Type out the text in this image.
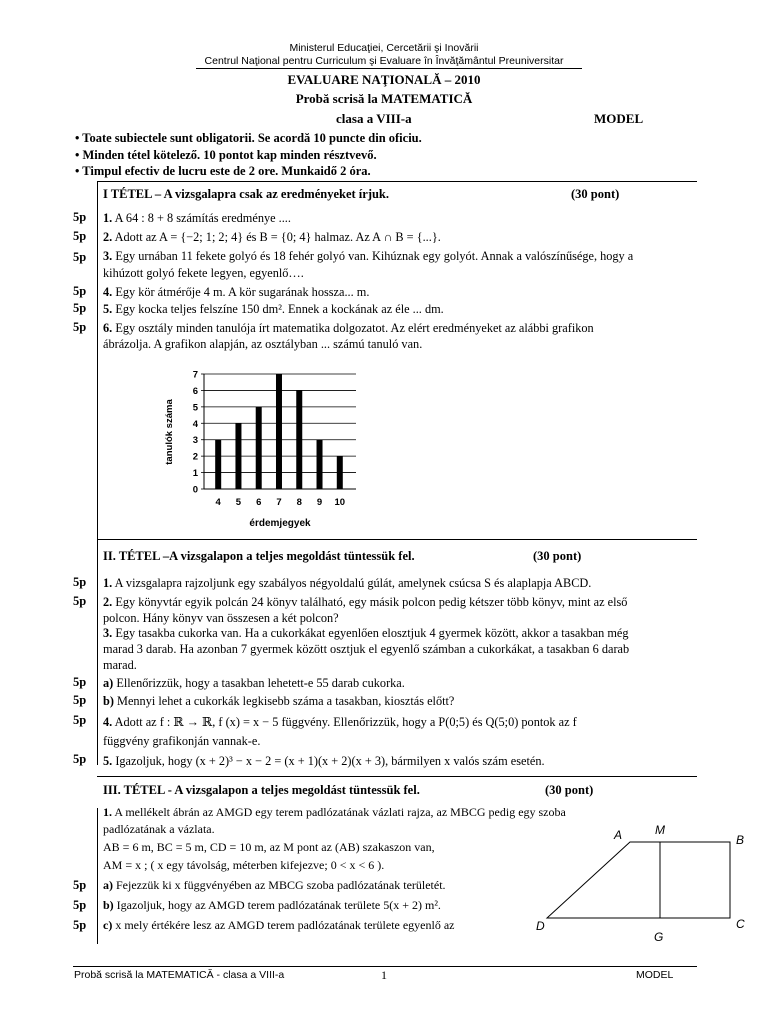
Ministerul Educaţiei, Cercetării şi Inovării
Centrul Naţional pentru Curriculum şi Evaluare în Învăţământul Preuniversitar
EVALUARE NAŢIONALĂ – 2010
Probă scrisă la MATEMATICĂ
clasa a VIII-a	MODEL
• Toate subiectele sunt obligatorii. Se acordă 10 puncte din oficiu.
• Minden tétel kötelező. 10 pontot kap minden résztvevő.
• Timpul efectiv de lucru este de 2 ore. Munkaidő 2 óra.
I TÉTEL – A vizsgalapra csak az eredményeket írjuk.	(30 pont)
5p 1. A 64 : 8 + 8 számítás eredménye ....
5p 2. Adott az A = {−2; 1; 2; 4} és B = {0; 4} halmaz. Az A ∩ B = {...}.
5p 3. Egy urnában 11 fekete golyó és 18 fehér golyó van. Kihúznak egy golyót. Annak a valószínűsége, hogy a
kihúzott golyó fekete legyen, egyenlő….
5p 4. Egy kör átmérője 4 m. A kör sugarának hossza... m.
5p 5. Egy kocka teljes felszíne 150 dm². Ennek a kockának az éle ... dm.
5p 6. Egy osztály minden tanulója írt matematika dolgozatot. Az elért eredményeket az alábbi grafikon
ábrázolja. A grafikon alapján, az osztályban ... számú tanuló van.
0
1
2
3
4
5
6
7
4 5 6 7 8 9 10
tanulók száma
érdemjegyek
II. TÉTEL –A vizsgalapon a teljes megoldást tüntessük fel.	(30 pont)
5p 1. A vizsgalapra rajzoljunk egy szabályos négyoldalú gúlát, amelynek csúcsa S és alaplapja ABCD.
5p 2. Egy könyvtár egyik polcán 24 könyv található, egy másik polcon pedig kétszer több könyv, mint az első
polcon. Hány könyv van összesen a két polcon?
3. Egy tasakba cukorka van. Ha a cukorkákat egyenlően elosztjuk 4 gyermek között, akkor a tasakban még
marad 3 darab. Ha azonban 7 gyermek között osztjuk el egyenlő számban a cukorkákat, a tasakban 6 darab
marad.
5p a) Ellenőrizzük, hogy a tasakban lehetett-e 55 darab cukorka.
5p b) Mennyi lehet a cukorkák legkisebb száma a tasakban, kiosztás előtt?
5p 4. Adott az f : ℝ → ℝ, f (x) = x − 5 függvény. Ellenőrizzük, hogy a P(0;5) és Q(5;0) pontok az f
függvény grafikonján vannak-e.
5p 5. Igazoljuk, hogy (x + 2)³ − x − 2 = (x + 1)(x + 2)(x + 3), bármilyen x valós szám esetén.
III. TÉTEL - A vizsgalapon a teljes megoldást tüntessük fel.	(30 pont)
1. A mellékelt ábrán az AMGD egy terem padlózatának vázlati rajza, az MBCG pedig egy szoba
padlózatának a vázlata.
AB = 6 m, BC = 5 m, CD = 10 m, az M pont az (AB) szakaszon van,
AM = x ; ( x egy távolság, méterben kifejezve; 0 < x < 6 ).
5p a) Fejezzük ki x függvényében az MBCG szoba padlózatának területét.
5p b) Igazoljuk, hogy az AMGD terem padlózatának területe 5(x + 2) m².
5p c) x mely értékére lesz az AMGD terem padlózatának területe egyenlő az
A	M
B
C
D
G
Probă scrisă la MATEMATICĂ - clasa a VIII-a	1	MODEL
